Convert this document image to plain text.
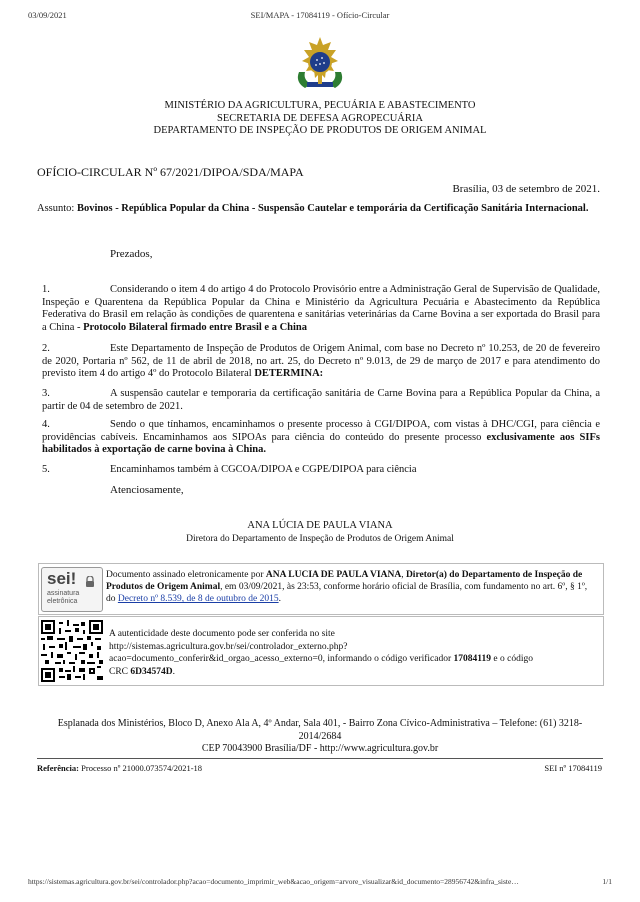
03/09/2021	SEI/MAPA - 17084119 - Ofício-Circular
MINISTÉRIO DA AGRICULTURA, PECUÁRIA E ABASTECIMENTO
SECRETARIA DE DEFESA AGROPECUÁRIA
DEPARTAMENTO DE INSPEÇÃO DE PRODUTOS DE ORIGEM ANIMAL
OFÍCIO-CIRCULAR Nº 67/2021/DIPOA/SDA/MAPA
Brasília, 03 de setembro de 2021.
Assunto: Bovinos - República Popular da China - Suspensão Cautelar e temporária da Certificação Sanitária Internacional.
Prezados,
1.	Considerando o item 4 do artigo 4 do Protocolo Provisório entre a Administração Geral de Supervisão de Qualidade, Inspeção e Quarentena da República Popular da China e Ministério da Agricultura Pecuária e Abastecimento da República Federativa do Brasil em relação às condições de quarentena e sanitárias veterinárias da Carne Bovina a ser exportada do Brasil para a China - Protocolo Bilateral firmado entre Brasil e a China
2.	Este Departamento de Inspeção de Produtos de Origem Animal, com base no Decreto nº 10.253, de 20 de fevereiro de 2020, Portaria nº 562, de 11 de abril de 2018, no art. 25, do Decreto nº 9.013, de 29 de março de 2017 e para atendimento do previsto item 4 do artigo 4º do Protocolo Bilateral DETERMINA:
3.	A suspensão cautelar e temporaria da certificação sanitária de Carne Bovina para a República Popular da China, a partir de 04 de setembro de 2021.
4.	Sendo o que tínhamos, encaminhamos o presente processo à CGI/DIPOA, com vistas à DHC/CGI, para ciência e providências cabíveis. Encaminhamos aos SIPOAs para ciência do conteúdo do presente processo exclusivamente aos SIFs habilitados à exportação de carne bovina à China.
5.	Encaminhamos também à CGCOA/DIPOA e CGPE/DIPOA para ciência
Atenciosamente,
ANA LÚCIA DE PAULA VIANA
Diretora do Departamento de Inspeção de Produtos de Origem Animal
sei!
assinatura
eletrônica
Documento assinado eletronicamente por ANA LUCIA DE PAULA VIANA, Diretor(a) do Departamento de Inspeção de Produtos de Origem Animal, em 03/09/2021, às 23:53, conforme horário oficial de Brasília, com fundamento no art. 6º, § 1º, do Decreto nº 8.539, de 8 de outubro de 2015.
A autenticidade deste documento pode ser conferida no site
http://sistemas.agricultura.gov.br/sei/controlador_externo.php?
acao=documento_conferir&id_orgao_acesso_externo=0, informando o código verificador 17084119 e o código
CRC 6D34574D.
Esplanada dos Ministérios, Bloco D, Anexo Ala A, 4º Andar, Sala 401, - Bairro Zona Cívico-Administrativa – Telefone: (61) 3218-2014/2684
CEP 70043900 Brasília/DF - http://www.agricultura.gov.br
Referência: Processo nº 21000.073574/2021-18	SEI nº 17084119
https://sistemas.agricultura.gov.br/sei/controlador.php?acao=documento_imprimir_web&acao_origem=arvore_visualizar&id_documento=28956742&infra_siste…	1/1
